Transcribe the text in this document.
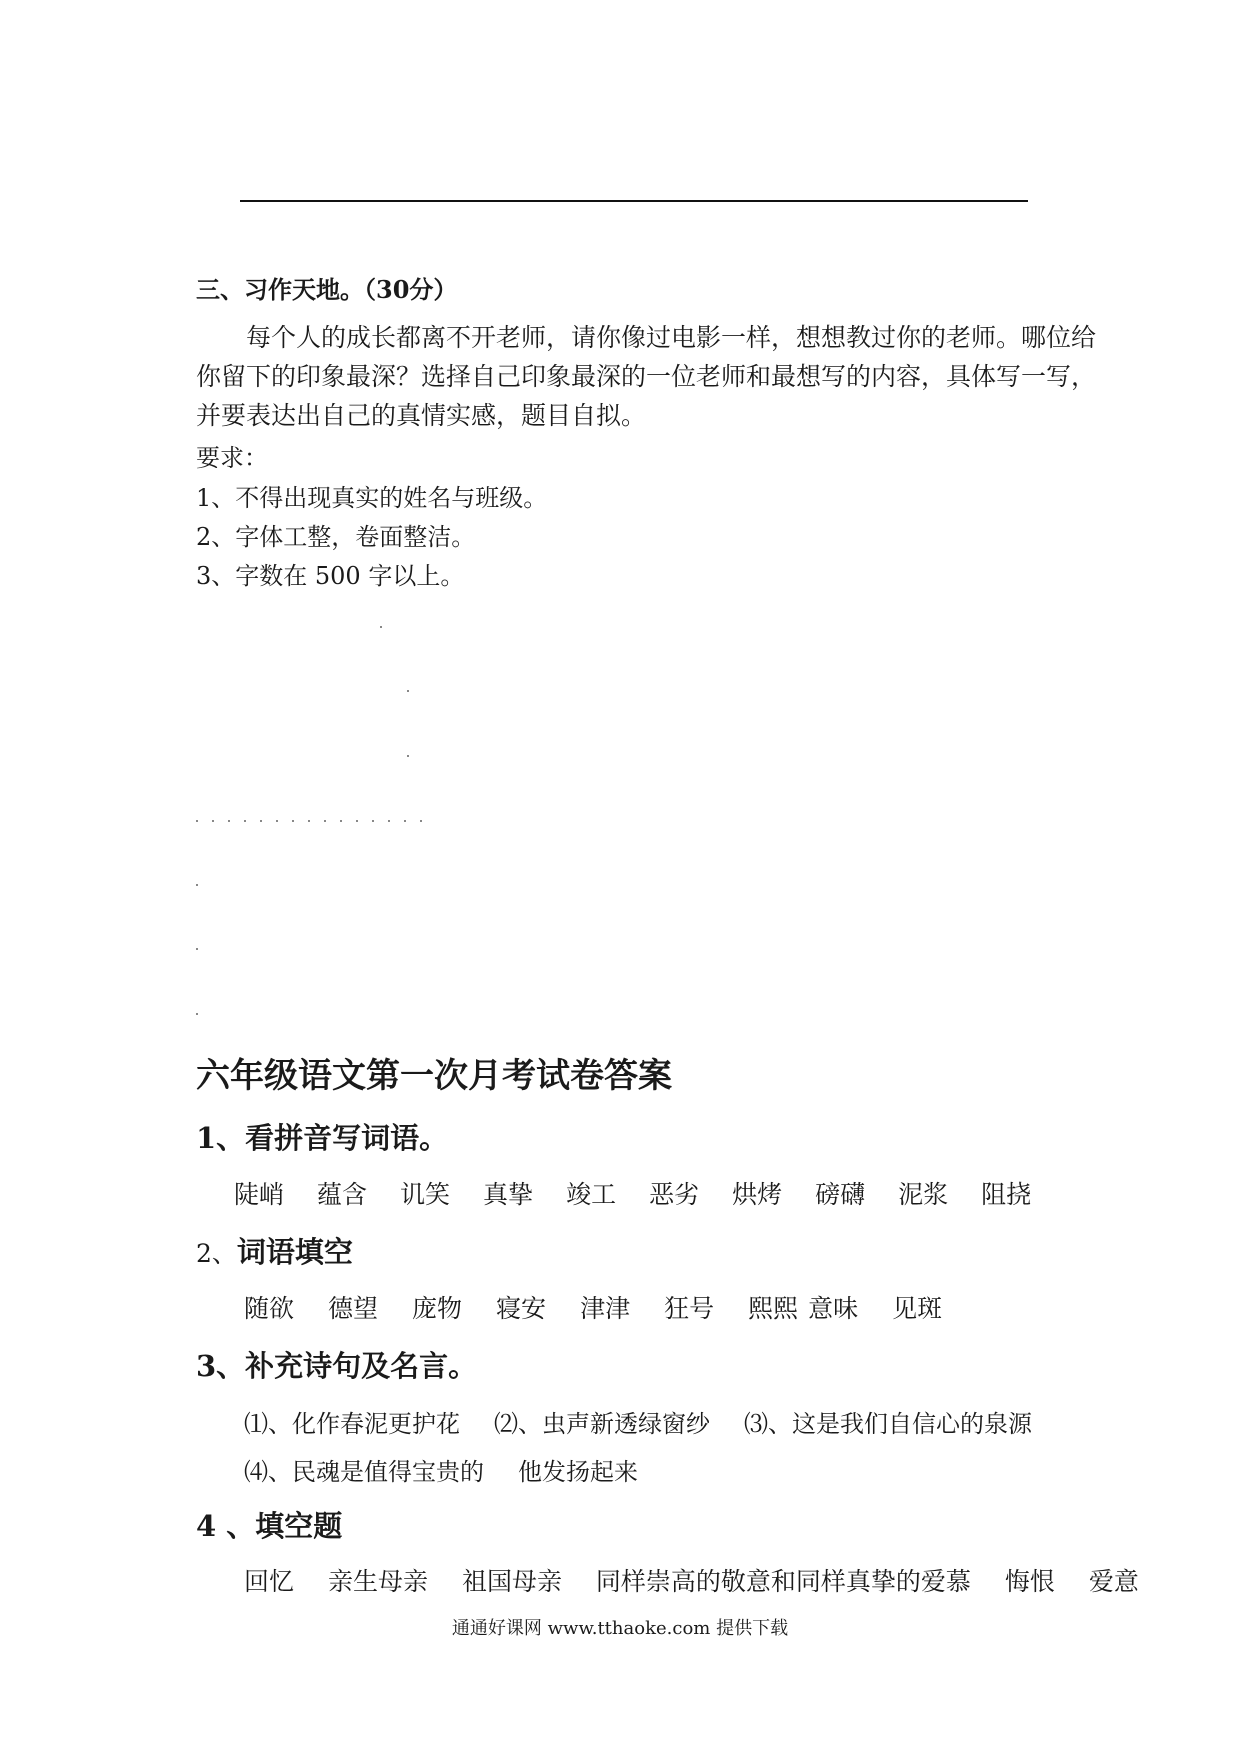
三、习作天地。（30分）
每个人的成长都离不开老师，请你像过电影一样，想想教过你的老师。哪位给
你留下的印象最深？选择自己印象最深的一位老师和最想写的内容，具体写一写，
并要表达出自己的真情实感，题目自拟。
要求：
1、不得出现真实的姓名与班级。
2、字体工整，卷面整洁。
3、字数在 500 字以上。
六年级语文第一次月考试卷答案
1、看拼音写词语。
陡峭 蕴含 讥笑 真挚 竣工 恶劣 烘烤 磅礴 泥浆 阻挠
2、词语填空
随欲 德望 庞物 寝安 津津 狂号 熙熙 意味 见斑
3、补充诗句及名言。
⑴、化作春泥更护花 ⑵、虫声新透绿窗纱 ⑶、这是我们自信心的泉源
⑷、民魂是值得宝贵的 他发扬起来
4 、填空题
回忆 亲生母亲 祖国母亲 同样崇高的敬意和同样真挚的爱慕 悔恨 爱意
通通好课网 www.tthaoke.com 提供下载
